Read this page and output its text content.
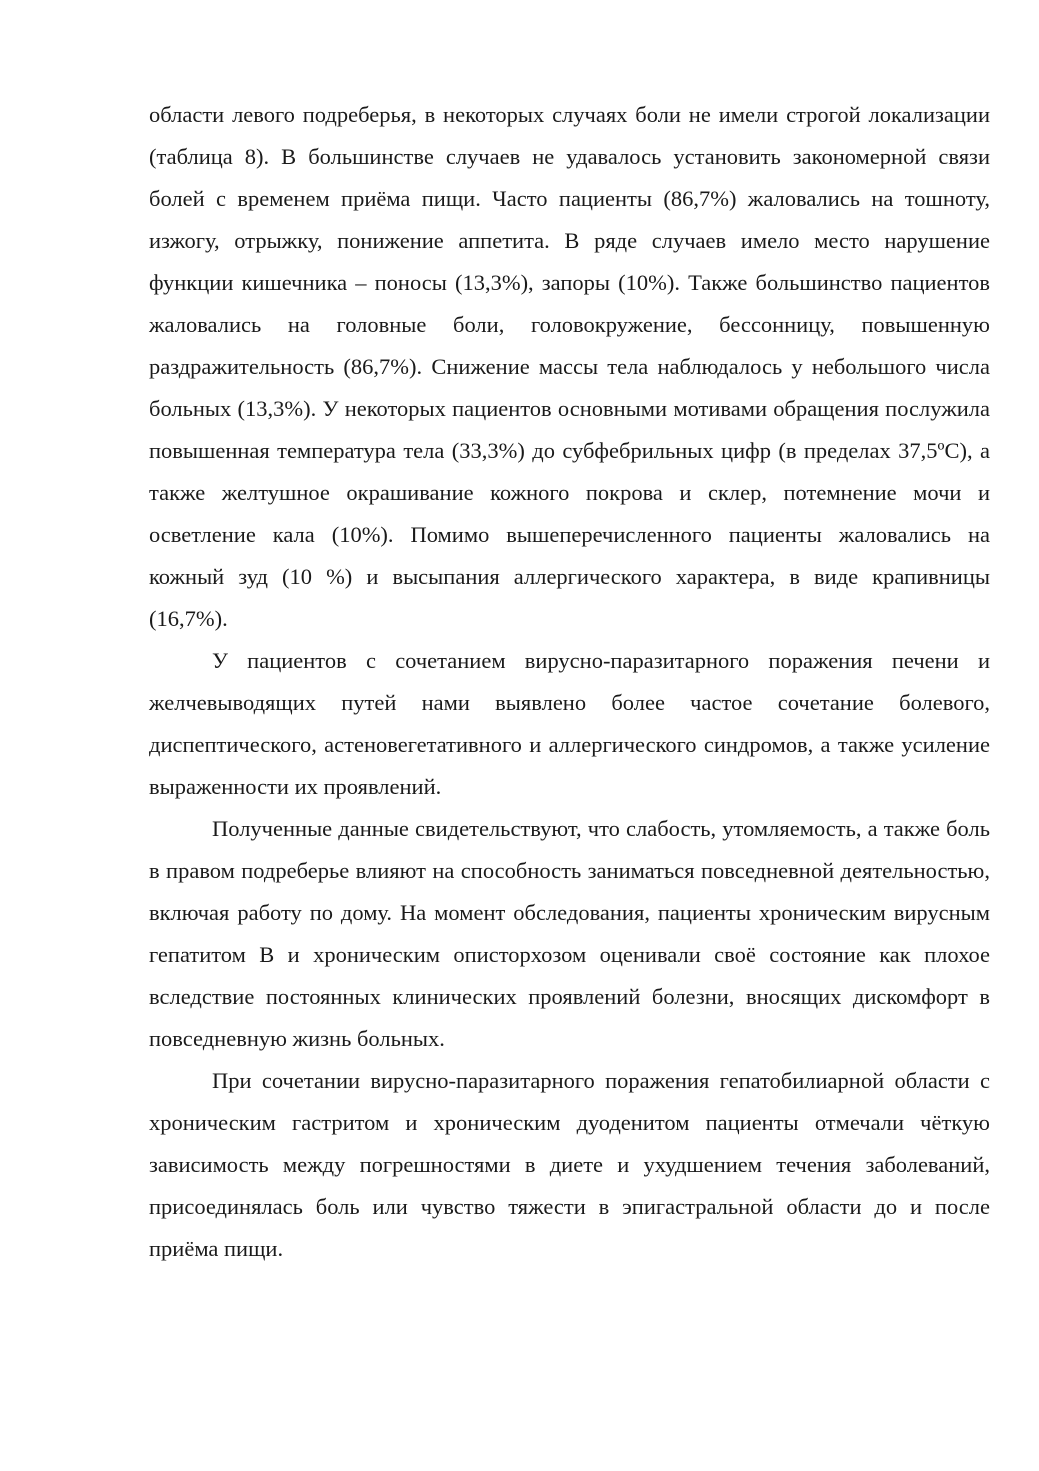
области левого подреберья, в некоторых случаях боли не имели строгой локализации (таблица 8). В большинстве случаев не удавалось установить закономерной связи болей с временем приёма пищи. Часто пациенты (86,7%) жаловались на тошноту, изжогу, отрыжку, понижение аппетита. В ряде случаев имело место нарушение функции кишечника – поносы (13,3%), запоры (10%). Также большинство пациентов жаловались на головные боли, головокружение, бессонницу, повышенную раздражительность (86,7%). Снижение массы тела наблюдалось у небольшого числа больных (13,3%). У некоторых пациентов основными мотивами обращения послужила повышенная температура тела (33,3%) до субфебрильных цифр (в пределах 37,5ºС), а также желтушное окрашивание кожного покрова и склер, потемнение мочи и осветление кала (10%). Помимо вышеперечисленного пациенты жаловались на кожный зуд (10 %) и высыпания аллергического характера, в виде крапивницы (16,7%).

У пациентов с сочетанием вирусно-паразитарного поражения печени и желчевыводящих путей нами выявлено более частое сочетание болевого, диспептического, астеновегетативного и аллергического синдромов, а также усиление выраженности их проявлений.

Полученные данные свидетельствуют, что слабость, утомляемость, а также боль в правом подреберье влияют на способность заниматься повседневной деятельностью, включая работу по дому. На момент обследования, пациенты хроническим вирусным гепатитом В и хроническим описторхозом оценивали своё состояние как плохое вследствие постоянных клинических проявлений болезни, вносящих дискомфорт в повседневную жизнь больных.

При сочетании вирусно-паразитарного поражения гепатобилиарной области с хроническим гастритом и хроническим дуоденитом пациенты отмечали чёткую зависимость между погрешностями в диете и ухудшением течения заболеваний, присоединялась боль или чувство тяжести в эпигастральной области до и после приёма пищи.
